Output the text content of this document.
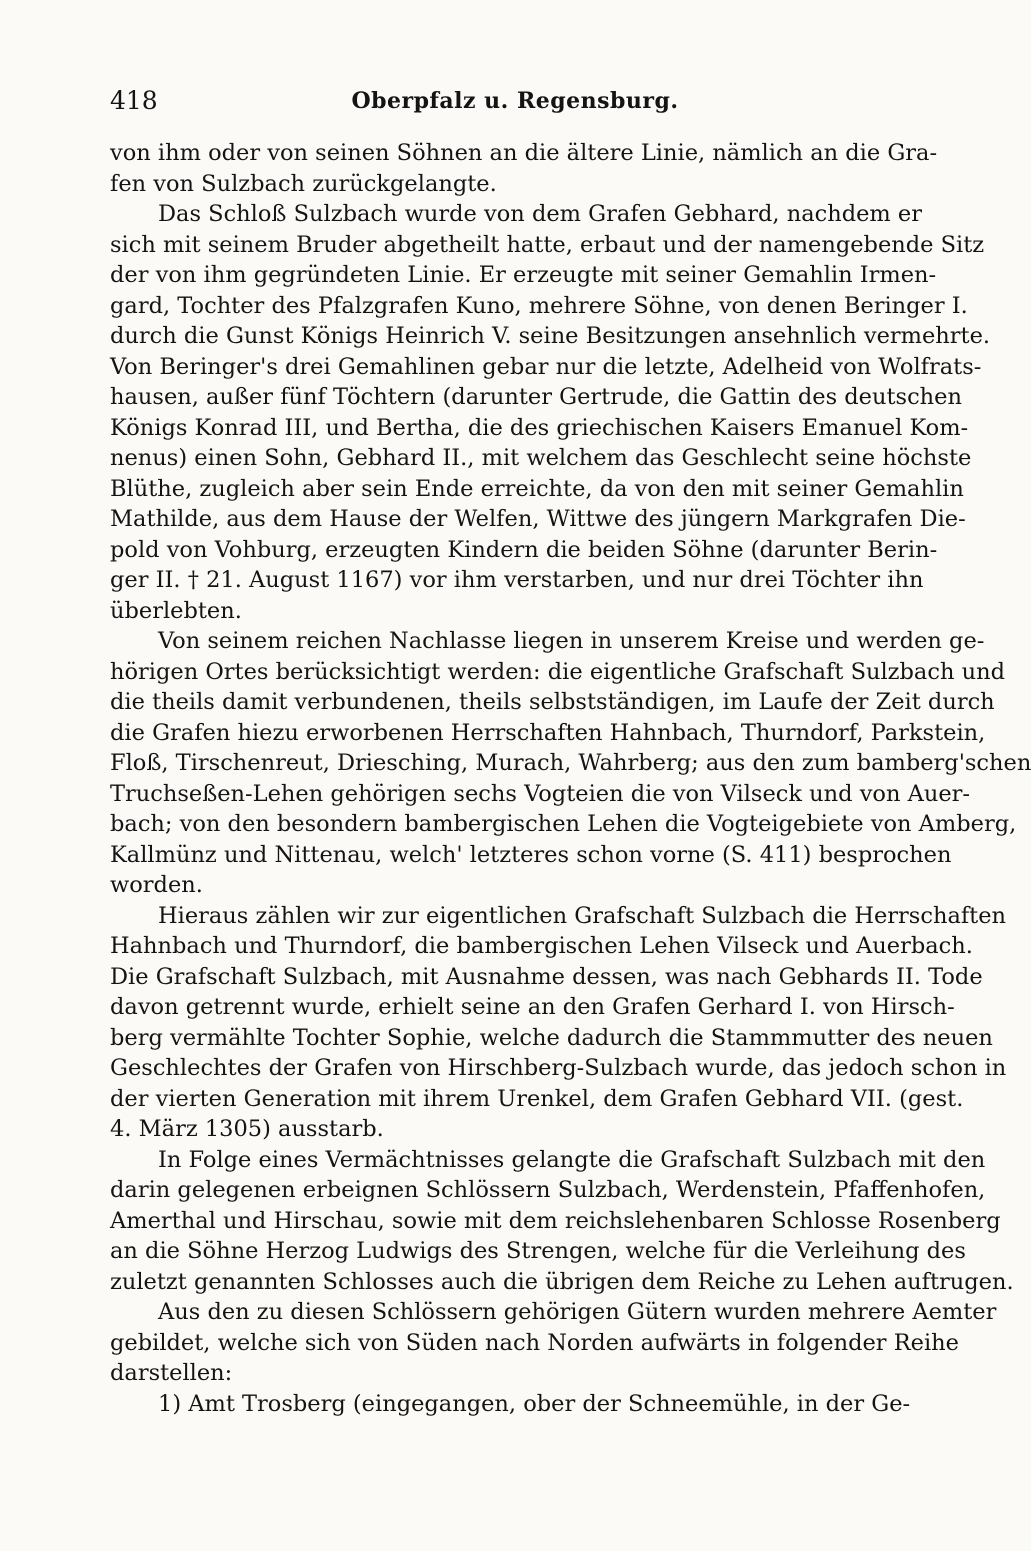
418	Oberpfalz u. Regensburg.
von ihm oder von seinen Söhnen an die ältere Linie, nämlich an die Gra-
fen von Sulzbach zurückgelangte.
Das Schloß Sulzbach wurde von dem Grafen Gebhard, nachdem er
sich mit seinem Bruder abgetheilt hatte, erbaut und der namengebende Sitz
der von ihm gegründeten Linie. Er erzeugte mit seiner Gemahlin Irmen-
gard, Tochter des Pfalzgrafen Kuno, mehrere Söhne, von denen Beringer I.
durch die Gunst Königs Heinrich V. seine Besitzungen ansehnlich vermehrte.
Von Beringer's drei Gemahlinen gebar nur die letzte, Adelheid von Wolfrats-
hausen, außer fünf Töchtern (darunter Gertrude, die Gattin des deutschen
Königs Konrad III, und Bertha, die des griechischen Kaisers Emanuel Kom-
nenus) einen Sohn, Gebhard II., mit welchem das Geschlecht seine höchste
Blüthe, zugleich aber sein Ende erreichte, da von den mit seiner Gemahlin
Mathilde, aus dem Hause der Welfen, Wittwe des jüngern Markgrafen Die-
pold von Vohburg, erzeugten Kindern die beiden Söhne (darunter Berin-
ger II. † 21. August 1167) vor ihm verstarben, und nur drei Töchter ihn
überlebten.
Von seinem reichen Nachlasse liegen in unserem Kreise und werden ge-
hörigen Ortes berücksichtigt werden: die eigentliche Grafschaft Sulzbach und
die theils damit verbundenen, theils selbstständigen, im Laufe der Zeit durch
die Grafen hiezu erworbenen Herrschaften Hahnbach, Thurndorf, Parkstein,
Floß, Tirschenreut, Driesching, Murach, Wahrberg; aus den zum bamberg'schen
Truchseßen-Lehen gehörigen sechs Vogteien die von Vilseck und von Auer-
bach; von den besondern bambergischen Lehen die Vogteigebiete von Amberg,
Kallmünz und Nittenau, welch' letzteres schon vorne (S. 411) besprochen
worden.
Hieraus zählen wir zur eigentlichen Grafschaft Sulzbach die Herrschaften
Hahnbach und Thurndorf, die bambergischen Lehen Vilseck und Auerbach.
Die Grafschaft Sulzbach, mit Ausnahme dessen, was nach Gebhards II. Tode
davon getrennt wurde, erhielt seine an den Grafen Gerhard I. von Hirsch-
berg vermählte Tochter Sophie, welche dadurch die Stammmutter des neuen
Geschlechtes der Grafen von Hirschberg-Sulzbach wurde, das jedoch schon in
der vierten Generation mit ihrem Urenkel, dem Grafen Gebhard VII. (gest.
4. März 1305) ausstarb.
In Folge eines Vermächtnisses gelangte die Grafschaft Sulzbach mit den
darin gelegenen erbeignen Schlössern Sulzbach, Werdenstein, Pfaffenhofen,
Amerthal und Hirschau, sowie mit dem reichslehenbaren Schlosse Rosenberg
an die Söhne Herzog Ludwigs des Strengen, welche für die Verleihung des
zuletzt genannten Schlosses auch die übrigen dem Reiche zu Lehen auftrugen.
Aus den zu diesen Schlössern gehörigen Gütern wurden mehrere Aemter
gebildet, welche sich von Süden nach Norden aufwärts in folgender Reihe
darstellen:
1) Amt Trosberg (eingegangen, ober der Schneemühle, in der Ge-
